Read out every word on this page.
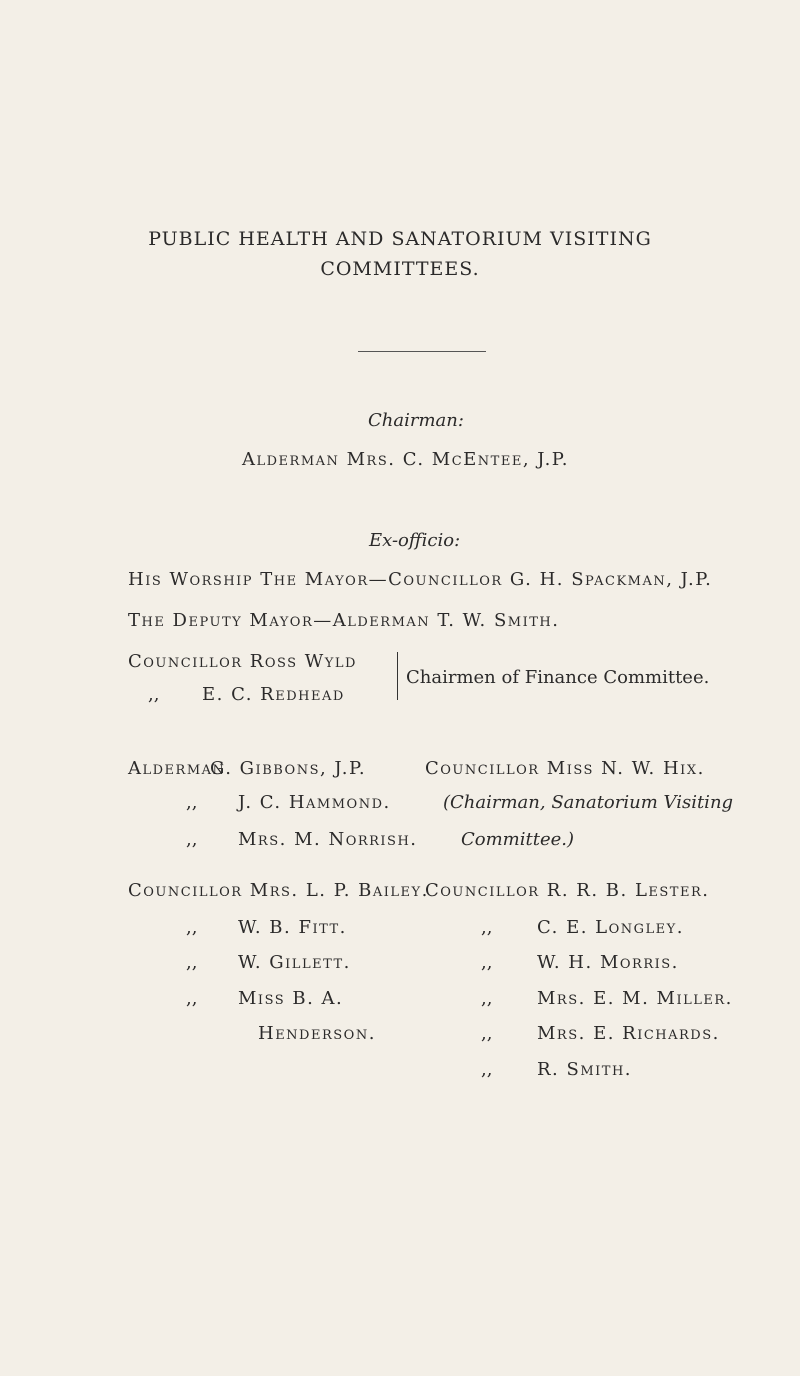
PUBLIC HEALTH AND SANATORIUM VISITING
COMMITTEES.
Chairman:
Alderman Mrs. C. McEntee, J.P.
Ex-officio:
His Worship The Mayor—Councillor G. H. Spackman, J.P.
The Deputy Mayor—Alderman T. W. Smith.
Councillor Ross Wyld
,, E. C. Redhead
Chairmen of Finance Committee.
Alderman
G. Gibbons, J.P.
,, J. C. Hammond.
,, Mrs. M. Norrish.
Councillor Miss N. W. Hix.
(Chairman, Sanatorium Visiting
Committee.)
Councillor Mrs. L. P. Bailey.
,, W. B. Fitt.
,, W. Gillett.
,, Miss B. A.
Henderson.
Councillor R. R. B. Lester.
,, C. E. Longley.
,, W. H. Morris.
,, Mrs. E. M. Miller.
,, Mrs. E. Richards.
,, R. Smith.
